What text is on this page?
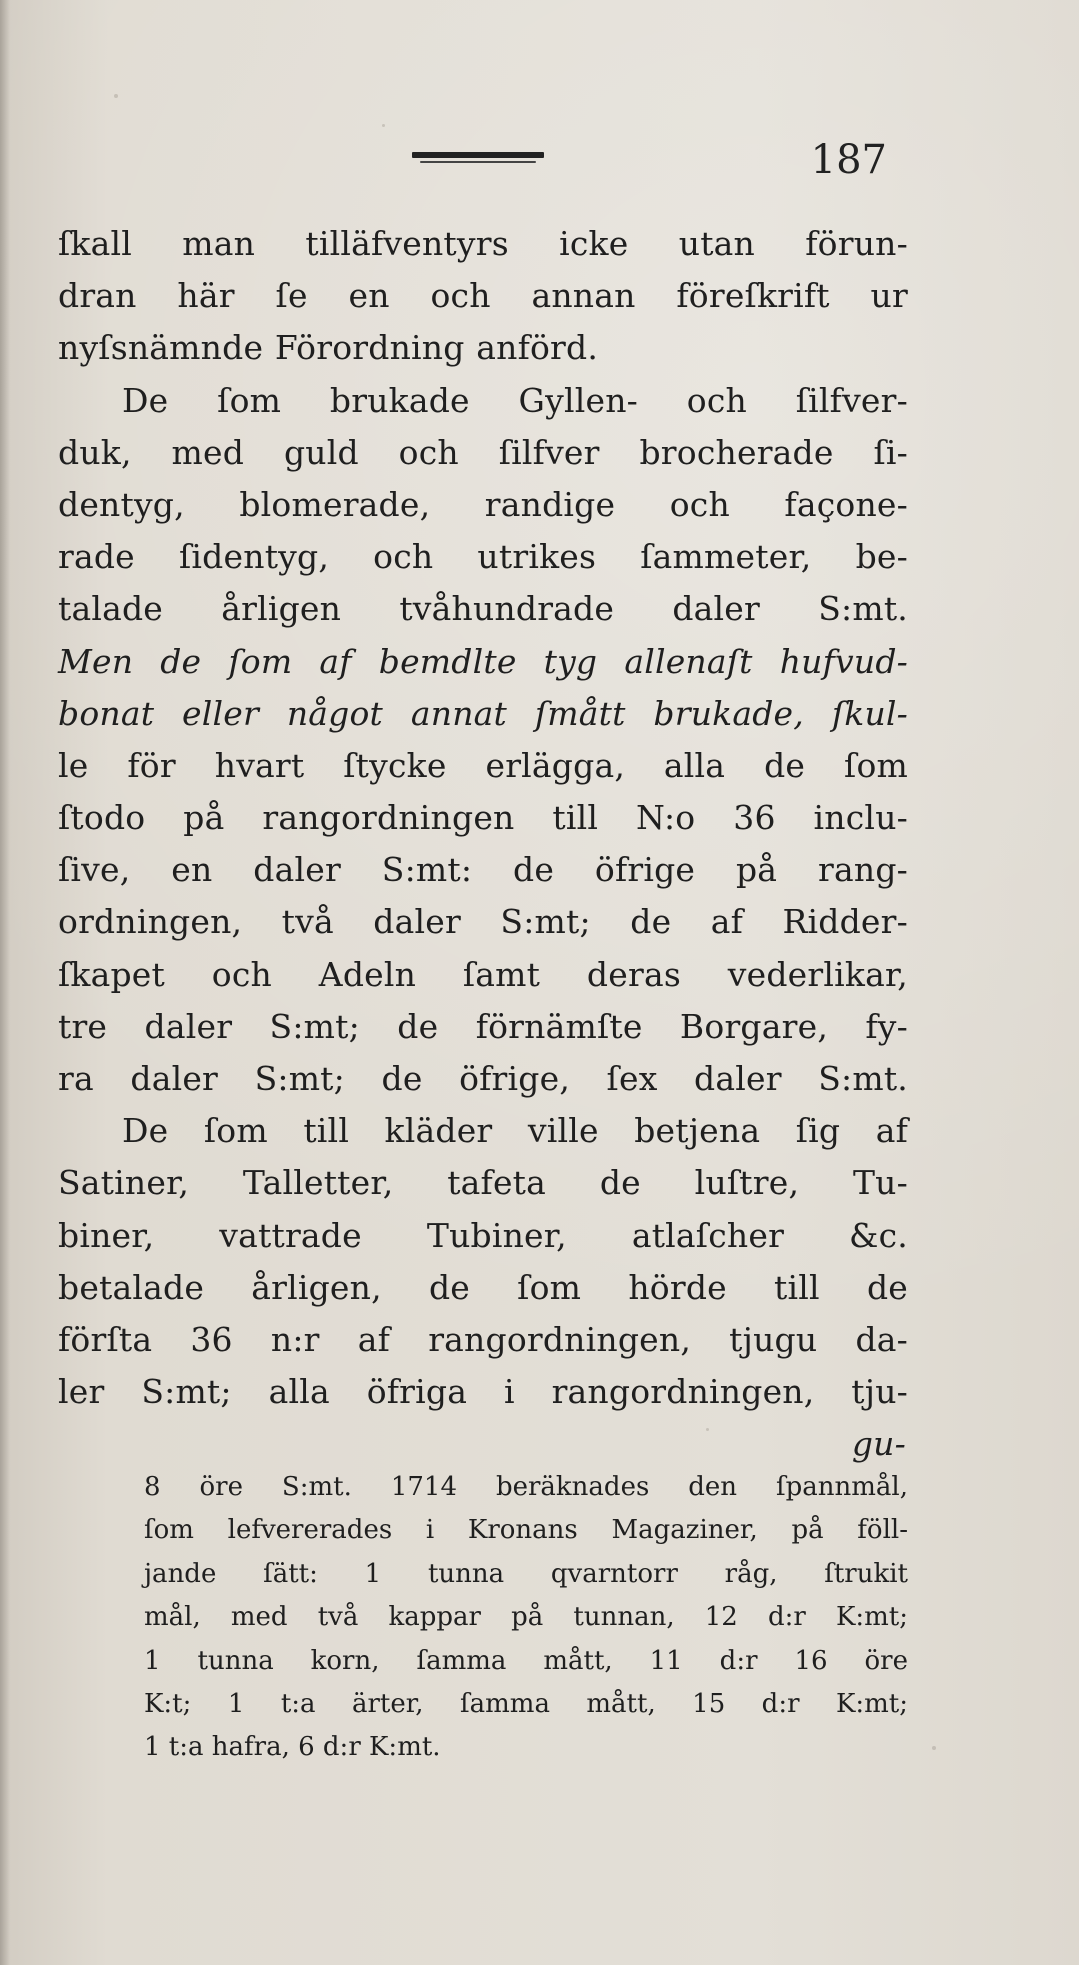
187
ſkall man tilläfventyrs icke utan förun-
dran här ſe en och annan föreſkrift ur
nyſsnämnde Förordning anförd.
De ſom brukade Gyllen- och ſilfver-
duk, med guld och ſilfver brocherade ſi-
dentyg, blomerade, randige och façone-
rade ſidentyg, och utrikes ſammeter, be-
talade årligen tvåhundrade daler S:mt.
Men de ſom af bemdlte tyg allenaſt hufvud-
bonat eller något annat ſmått brukade, ſkul-
le för hvart ſtycke erlägga, alla de ſom
ſtodo på rangordningen till N:o 36 inclu-
ſive, en daler S:mt: de öfrige på rang-
ordningen, två daler S:mt; de af Ridder-
ſkapet och Adeln ſamt deras vederlikar,
tre daler S:mt; de förnämſte Borgare, fy-
ra daler S:mt; de öfrige, ſex daler S:mt.
De ſom till kläder ville betjena ſig af
Satiner, Talletter, tafeta de luſtre, Tu-
biner, vattrade Tubiner, atlaſcher &c.
betalade årligen, de ſom hörde till de
förſta 36 n:r af rangordningen, tjugu da-
ler S:mt; alla öfriga i rangordningen, tju-
gu-
8 öre S:mt. 1714 beräknades den ſpannmål,
ſom lefvererades i Kronans Magaziner, på föll-
jande ſätt: 1 tunna qvarntorr råg, ſtrukit
mål, med två kappar på tunnan, 12 d:r K:mt;
1 tunna korn, ſamma mått, 11 d:r 16 öre
K:t; 1 t:a ärter, ſamma mått, 15 d:r K:mt;
1 t:a hafra, 6 d:r K:mt.
